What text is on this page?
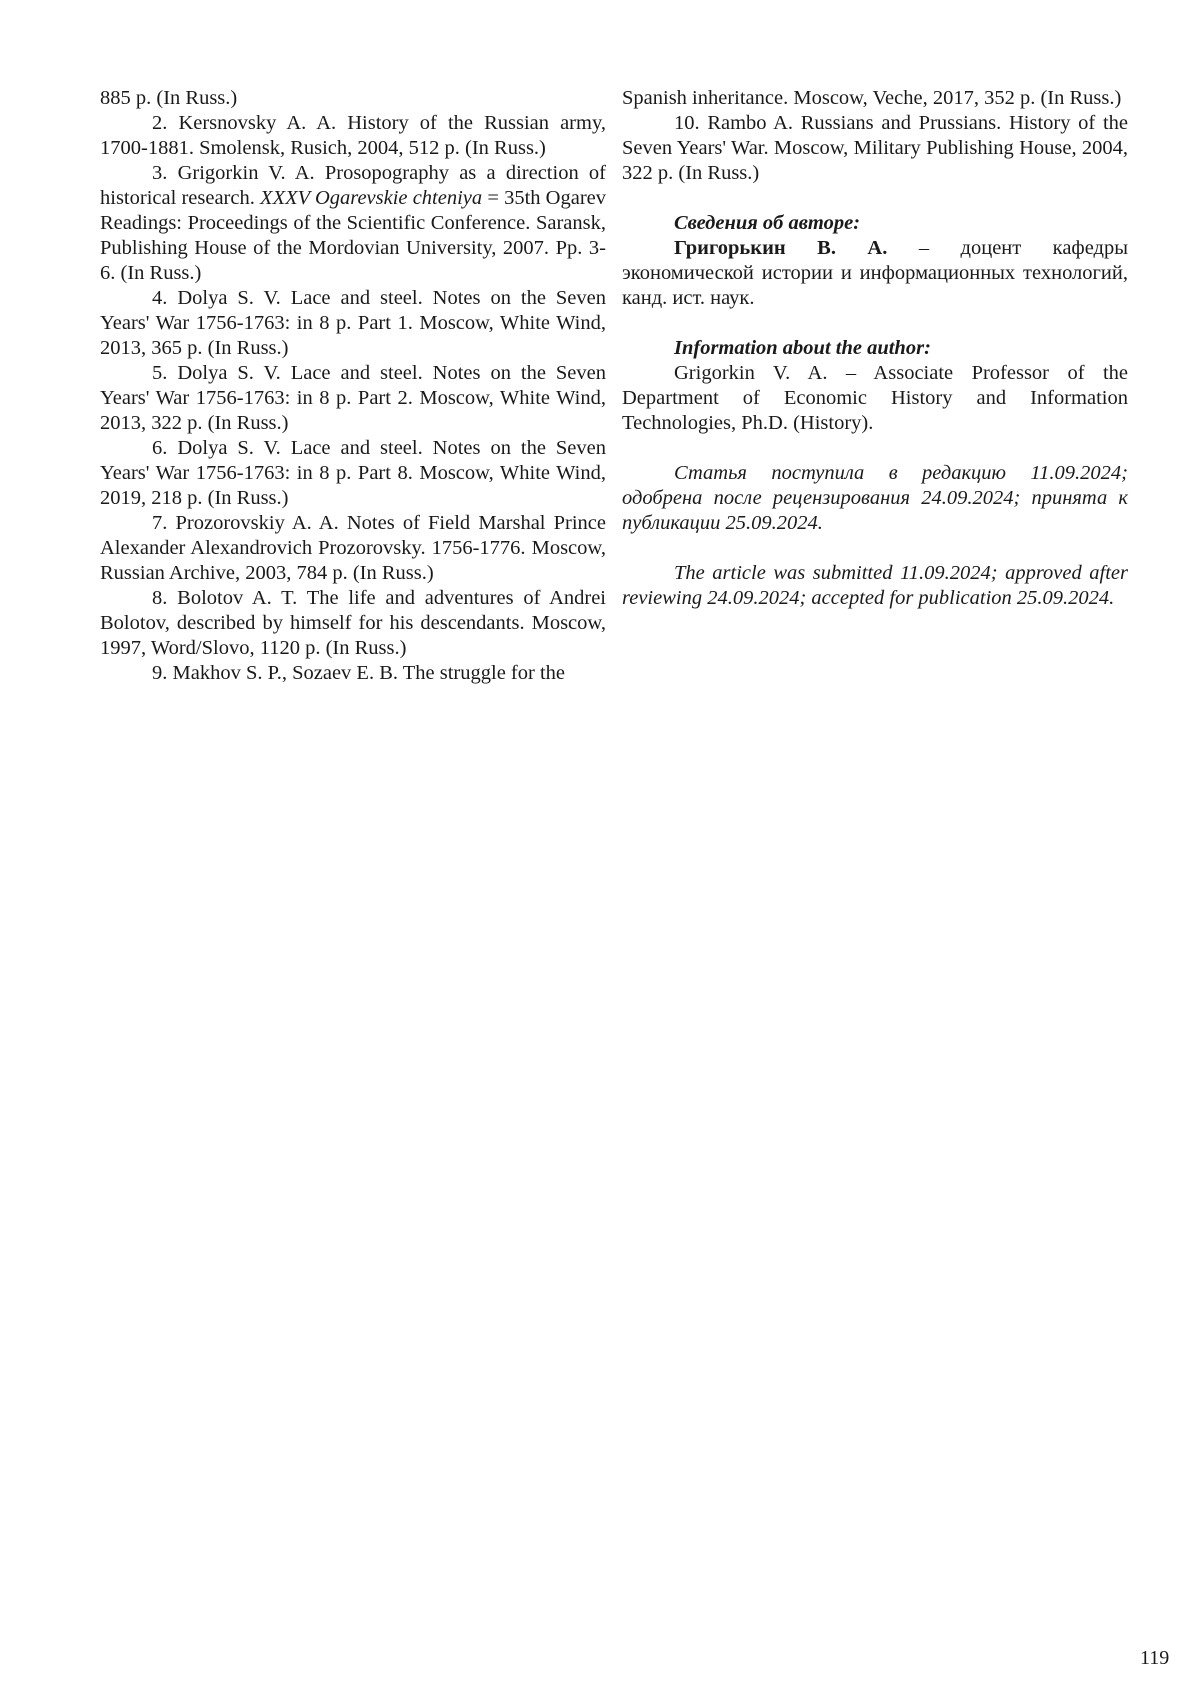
885 p. (In Russ.)

2. Kersnovsky A. A. History of the Russian army, 1700-1881. Smolensk, Rusich, 2004, 512 p. (In Russ.)

3. Grigorkin V. A. Prosopography as a direction of historical research. XXXV Ogarevskie chteniya = 35th Ogarev Readings: Proceedings of the Scientific Conference. Saransk, Publishing House of the Mordovian University, 2007. Pp. 3-6. (In Russ.)

4. Dolya S. V. Lace and steel. Notes on the Seven Years' War 1756-1763: in 8 p. Part 1. Moscow, White Wind, 2013, 365 p. (In Russ.)

5. Dolya S. V. Lace and steel. Notes on the Seven Years' War 1756-1763: in 8 p. Part 2. Moscow, White Wind, 2013, 322 p. (In Russ.)

6. Dolya S. V. Lace and steel. Notes on the Seven Years' War 1756-1763: in 8 p. Part 8. Moscow, White Wind, 2019, 218 p. (In Russ.)

7. Prozorovskiy A. A. Notes of Field Marshal Prince Alexander Alexandrovich Prozorovsky. 1756-1776. Moscow, Russian Archive, 2003, 784 p. (In Russ.)

8. Bolotov A. T. The life and adventures of Andrei Bolotov, described by himself for his descendants. Moscow, 1997, Word/Slovo, 1120 p. (In Russ.)

9. Makhov S. P., Sozaev E. B. The struggle for the

Spanish inheritance. Moscow, Veche, 2017, 352 p. (In Russ.)

10. Rambo A. Russians and Prussians. History of the Seven Years' War. Moscow, Military Publishing House, 2004, 322 p. (In Russ.)

Сведения об авторе:

Григорькин В. А. – доцент кафедры экономической истории и информационных технологий, канд. ист. наук.

Information about the author:

Grigorkin V. A. – Associate Professor of the Department of Economic History and Information Technologies, Ph.D. (History).

Статья поступила в редакцию 11.09.2024; одобрена после рецензирования 24.09.2024; принята к публикации 25.09.2024.

The article was submitted 11.09.2024; approved after reviewing 24.09.2024; accepted for publication 25.09.2024.

119
